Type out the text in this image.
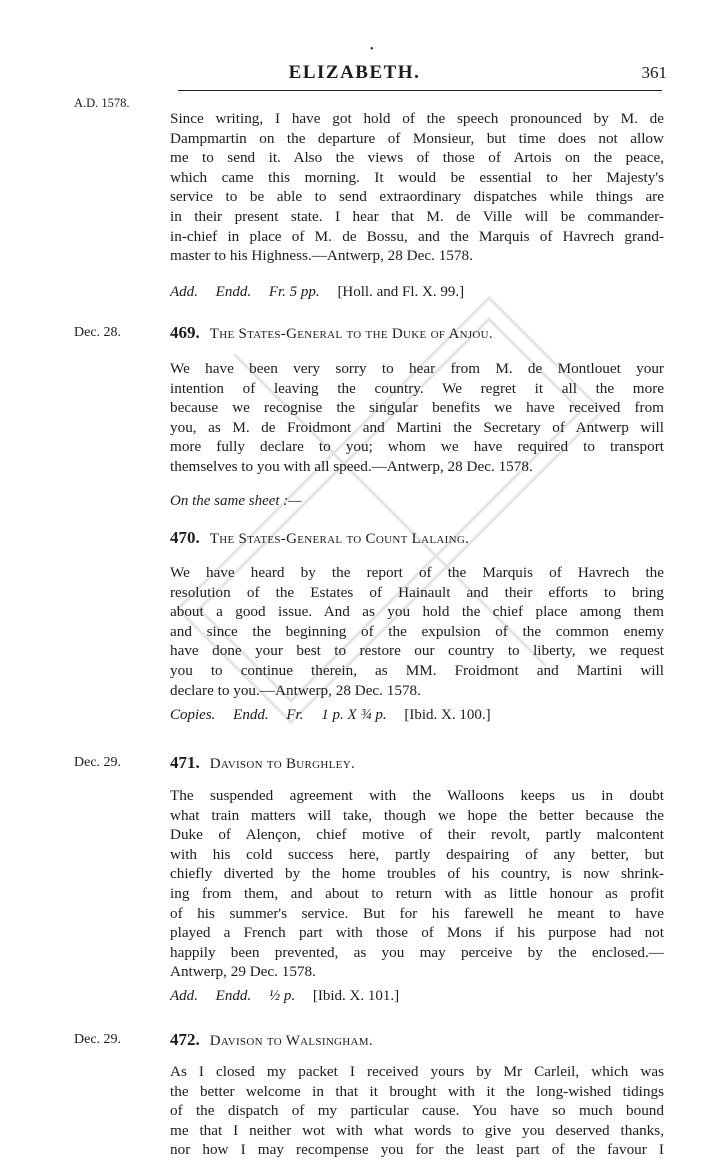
•
ELIZABETH.	361
A.D. 1578.
Since writing, I have got hold of the speech pronounced by M. de
Dampmartin on the departure of Monsieur, but time does not allow
me to send it. Also the views of those of Artois on the peace,
which came this morning. It would be essential to her Majesty's
service to be able to send extraordinary dispatches while things are
in their present state. I hear that M. de Ville will be commander-
in-chief in place of M. de Bossu, and the Marquis of Havrech grand-
master to his Highness.—Antwerp, 28 Dec. 1578.
Add. Endd. Fr. 5 pp. [Holl. and Fl. X. 99.]
Dec. 28.	469. The States-General to the Duke of Anjou.
We have been very sorry to hear from M. de Montlouet your
intention of leaving the country. We regret it all the more
because we recognise the singular benefits we have received from
you, as M. de Froidmont and Martini the Secretary of Antwerp will
more fully declare to you; whom we have required to transport
themselves to you with all speed.—Antwerp, 28 Dec. 1578.
On the same sheet :—
470. The States-General to Count Lalaing.
We have heard by the report of the Marquis of Havrech the
resolution of the Estates of Hainault and their efforts to bring
about a good issue. And as you hold the chief place among them
and since the beginning of the expulsion of the common enemy
have done your best to restore our country to liberty, we request
you to continue therein, as MM. Froidmont and Martini will
declare to you.—Antwerp, 28 Dec. 1578.
Copies. Endd. Fr. 1 p. X ¾ p. [Ibid. X. 100.]
Dec. 29.	471. Davison to Burghley.
The suspended agreement with the Walloons keeps us in doubt
what train matters will take, though we hope the better because the
Duke of Alençon, chief motive of their revolt, partly malcontent
with his cold success here, partly despairing of any better, but
chiefly diverted by the home troubles of his country, is now shrink-
ing from them, and about to return with as little honour as profit
of his summer's service. But for his farewell he meant to have
played a French part with those of Mons if his purpose had not
happily been prevented, as you may perceive by the enclosed.—
Antwerp, 29 Dec. 1578.
Add. Endd. ½ p. [Ibid. X. 101.]
Dec. 29.	472. Davison to Walsingham.
As I closed my packet I received yours by Mr Carleil, which was
the better welcome in that it brought with it the long-wished tidings
of the dispatch of my particular cause. You have so much bound
me that I neither wot with what words to give you deserved thanks,
nor how I may recompense you for the least part of the favour I
